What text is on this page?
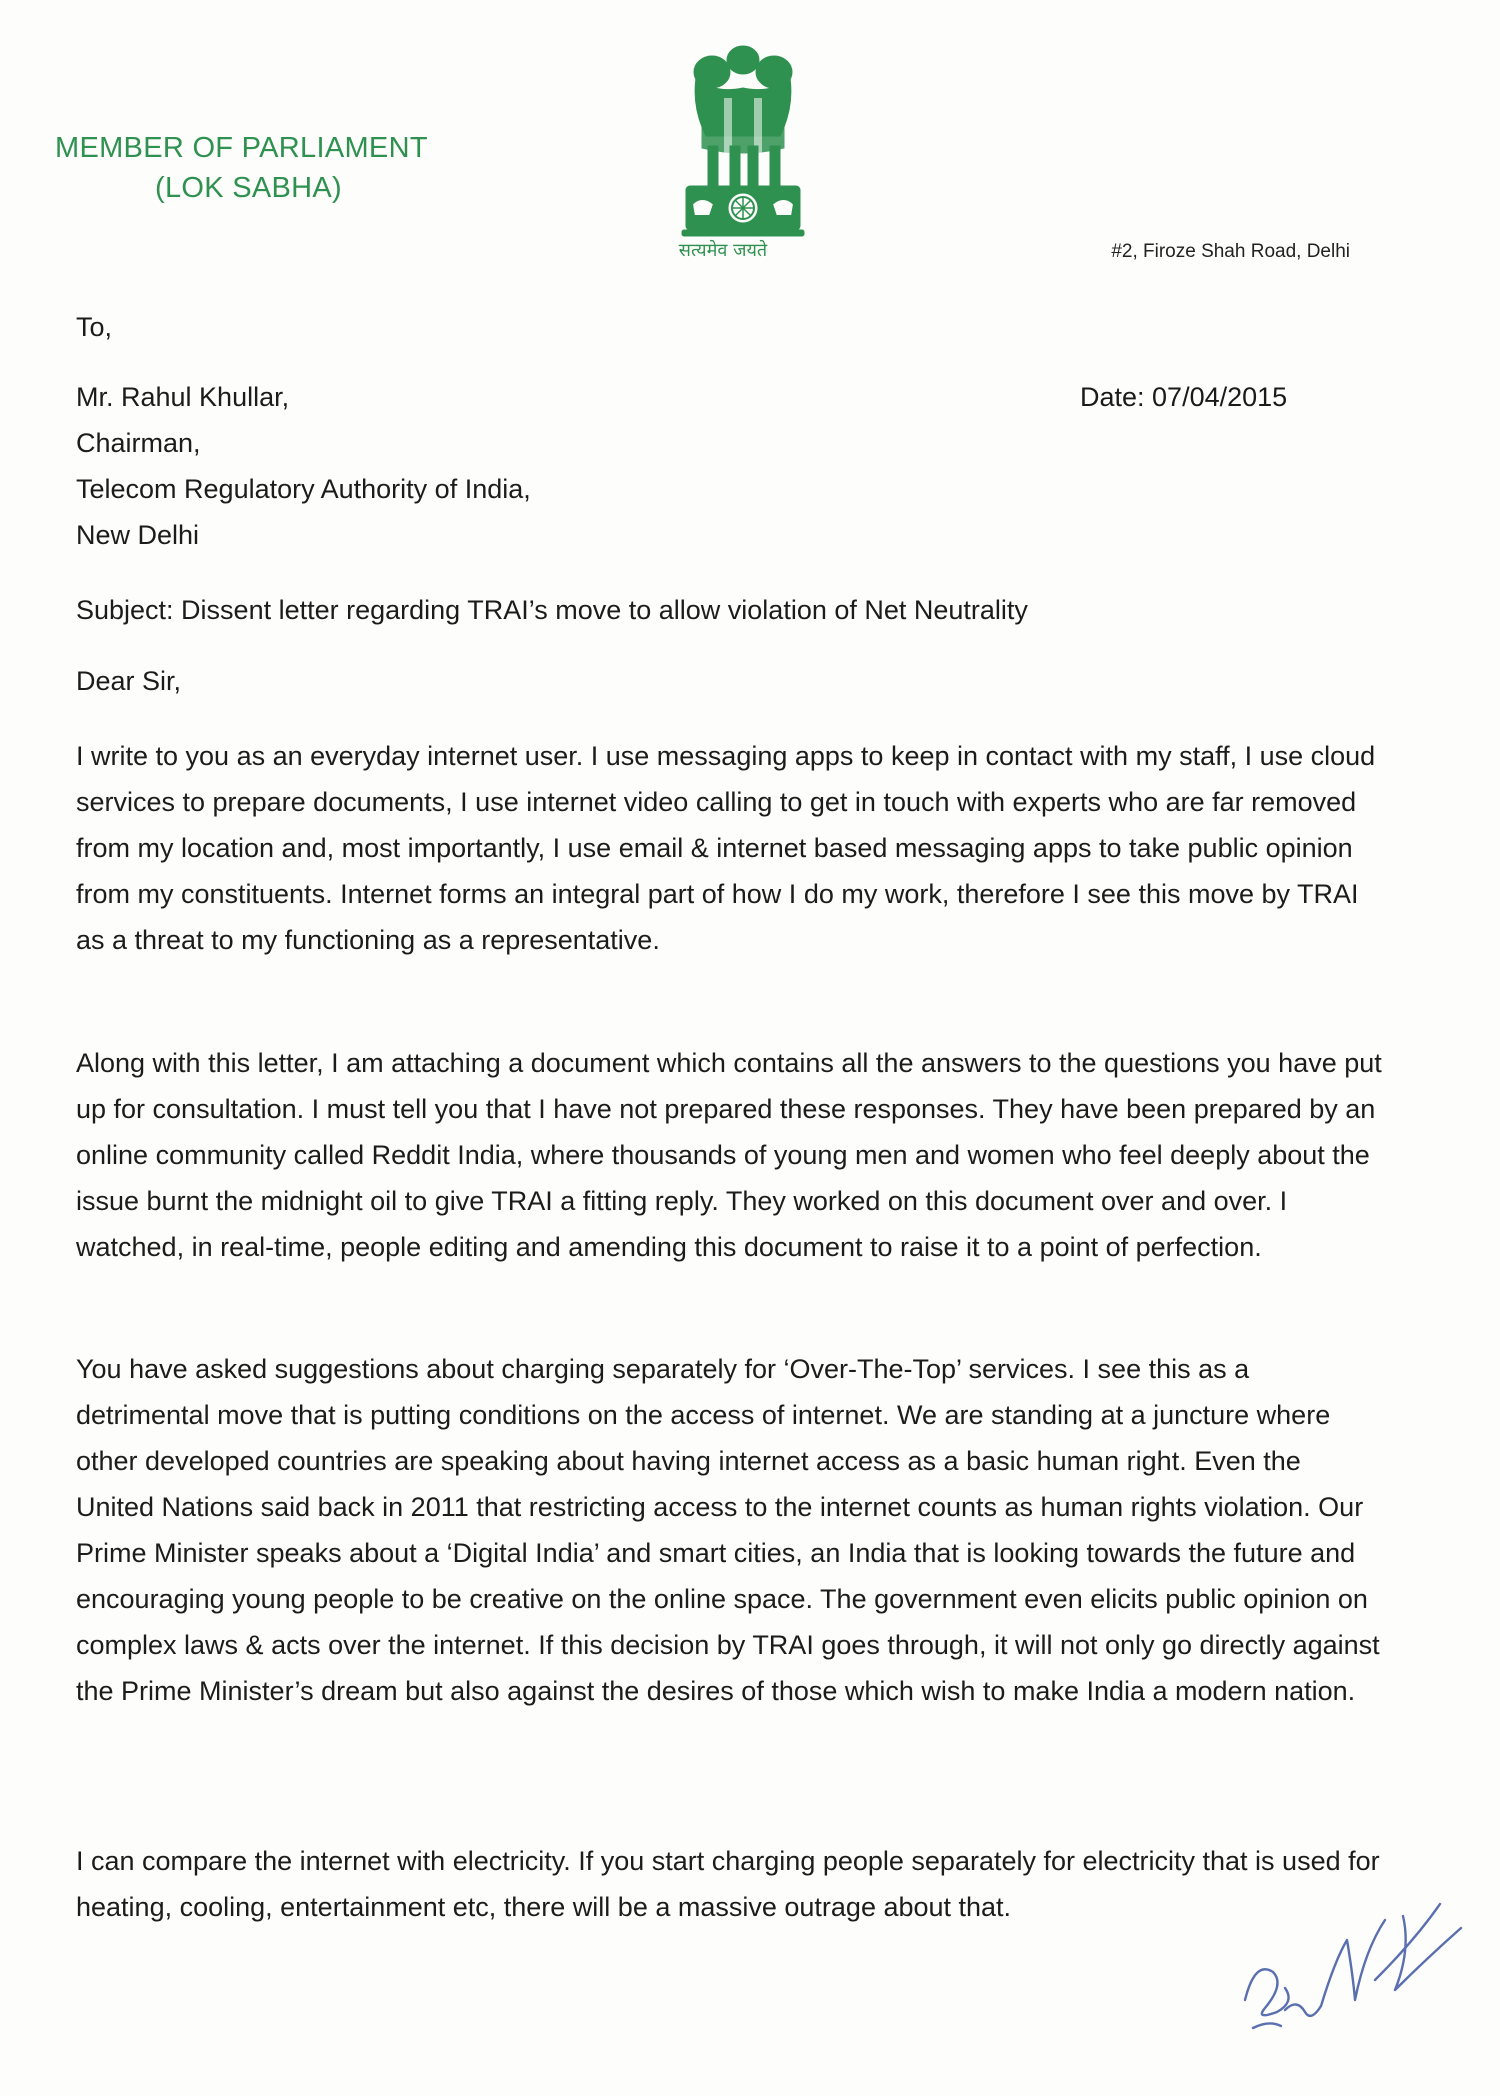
MEMBER OF PARLIAMENT
(LOK SABHA)
सत्यमेव जयते	#2, Firoze Shah Road, Delhi
To,
Date: 07/04/2015
Mr. Rahul Khullar,
Chairman,
Telecom Regulatory Authority of India,
New Delhi
Subject: Dissent letter regarding TRAI’s move to allow violation of Net Neutrality
Dear Sir,
I write to you as an everyday internet user. I use messaging apps to keep in contact with my staff, I use cloud services to prepare documents, I use internet video calling to get in touch with experts who are far removed from my location and, most importantly, I use email & internet based messaging apps to take public opinion from my constituents. Internet forms an integral part of how I do my work, therefore I see this move by TRAI as a threat to my functioning as a representative.
Along with this letter, I am attaching a document which contains all the answers to the questions you have put up for consultation. I must tell you that I have not prepared these responses. They have been prepared by an online community called Reddit India, where thousands of young men and women who feel deeply about the issue burnt the midnight oil to give TRAI a fitting reply. They worked on this document over and over. I watched, in real-time, people editing and amending this document to raise it to a point of perfection.
You have asked suggestions about charging separately for ‘Over-The-Top’ services. I see this as a detrimental move that is putting conditions on the access of internet. We are standing at a juncture where other developed countries are speaking about having internet access as a basic human right. Even the United Nations said back in 2011 that restricting access to the internet counts as human rights violation. Our Prime Minister speaks about a ‘Digital India’ and smart cities, an India that is looking towards the future and encouraging young people to be creative on the online space. The government even elicits public opinion on complex laws & acts over the internet. If this decision by TRAI goes through, it will not only go directly against the Prime Minister’s dream but also against the desires of those which wish to make India a modern nation.
I can compare the internet with electricity. If you start charging people separately for electricity that is used for heating, cooling, entertainment etc, there will be a massive outrage about that.
